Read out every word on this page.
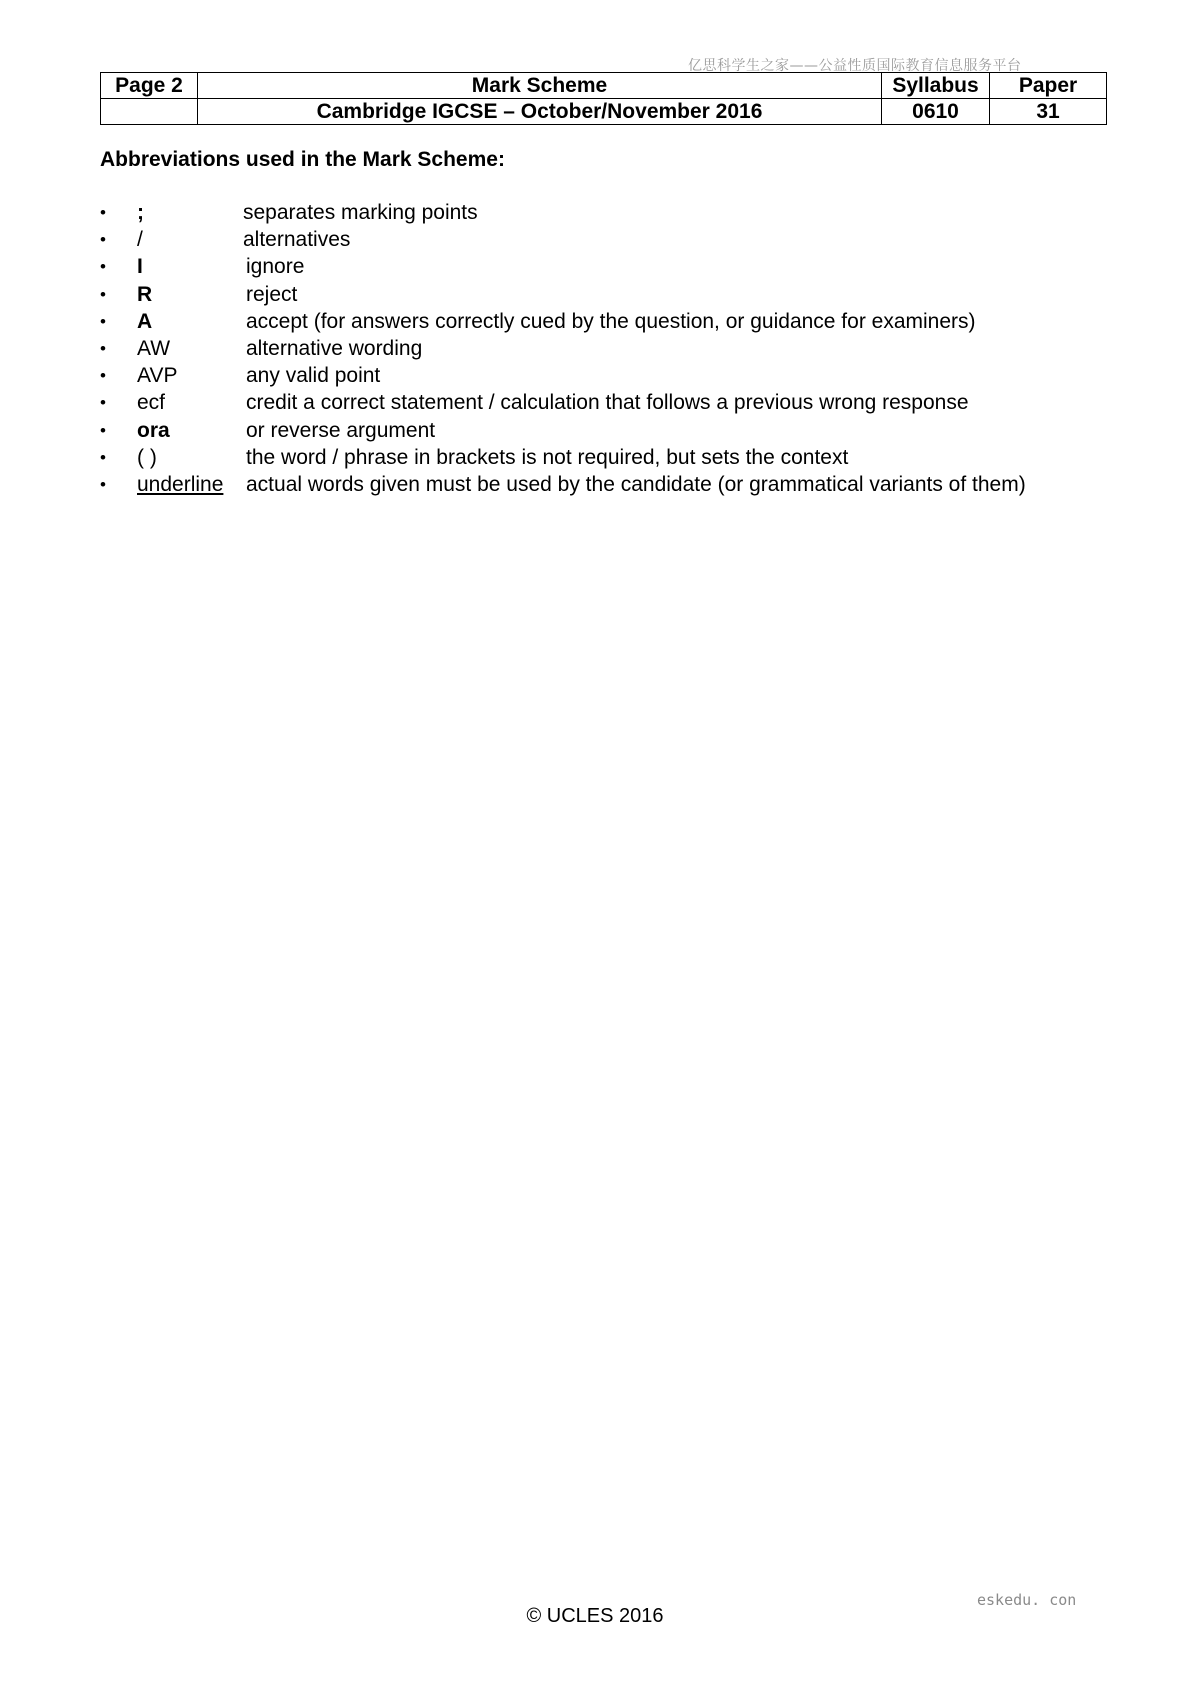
亿思科学生之家——公益性质国际教育信息服务平台
Page 2	Mark Scheme	Syllabus	Paper
	Cambridge IGCSE – October/November 2016	0610	31
Abbreviations used in the Mark Scheme:
• ;	separates marking points
• /	alternatives
• I	ignore
• R	reject
• A	accept (for answers correctly cued by the question, or guidance for examiners)
• AW	alternative wording
• AVP	any valid point
• ecf	credit a correct statement / calculation that follows a previous wrong response
• ora	or reverse argument
• ( )	the word / phrase in brackets is not required, but sets the context
• underline actual words given must be used by the candidate (or grammatical variants of them)
eskedu. con
© UCLES 2016
